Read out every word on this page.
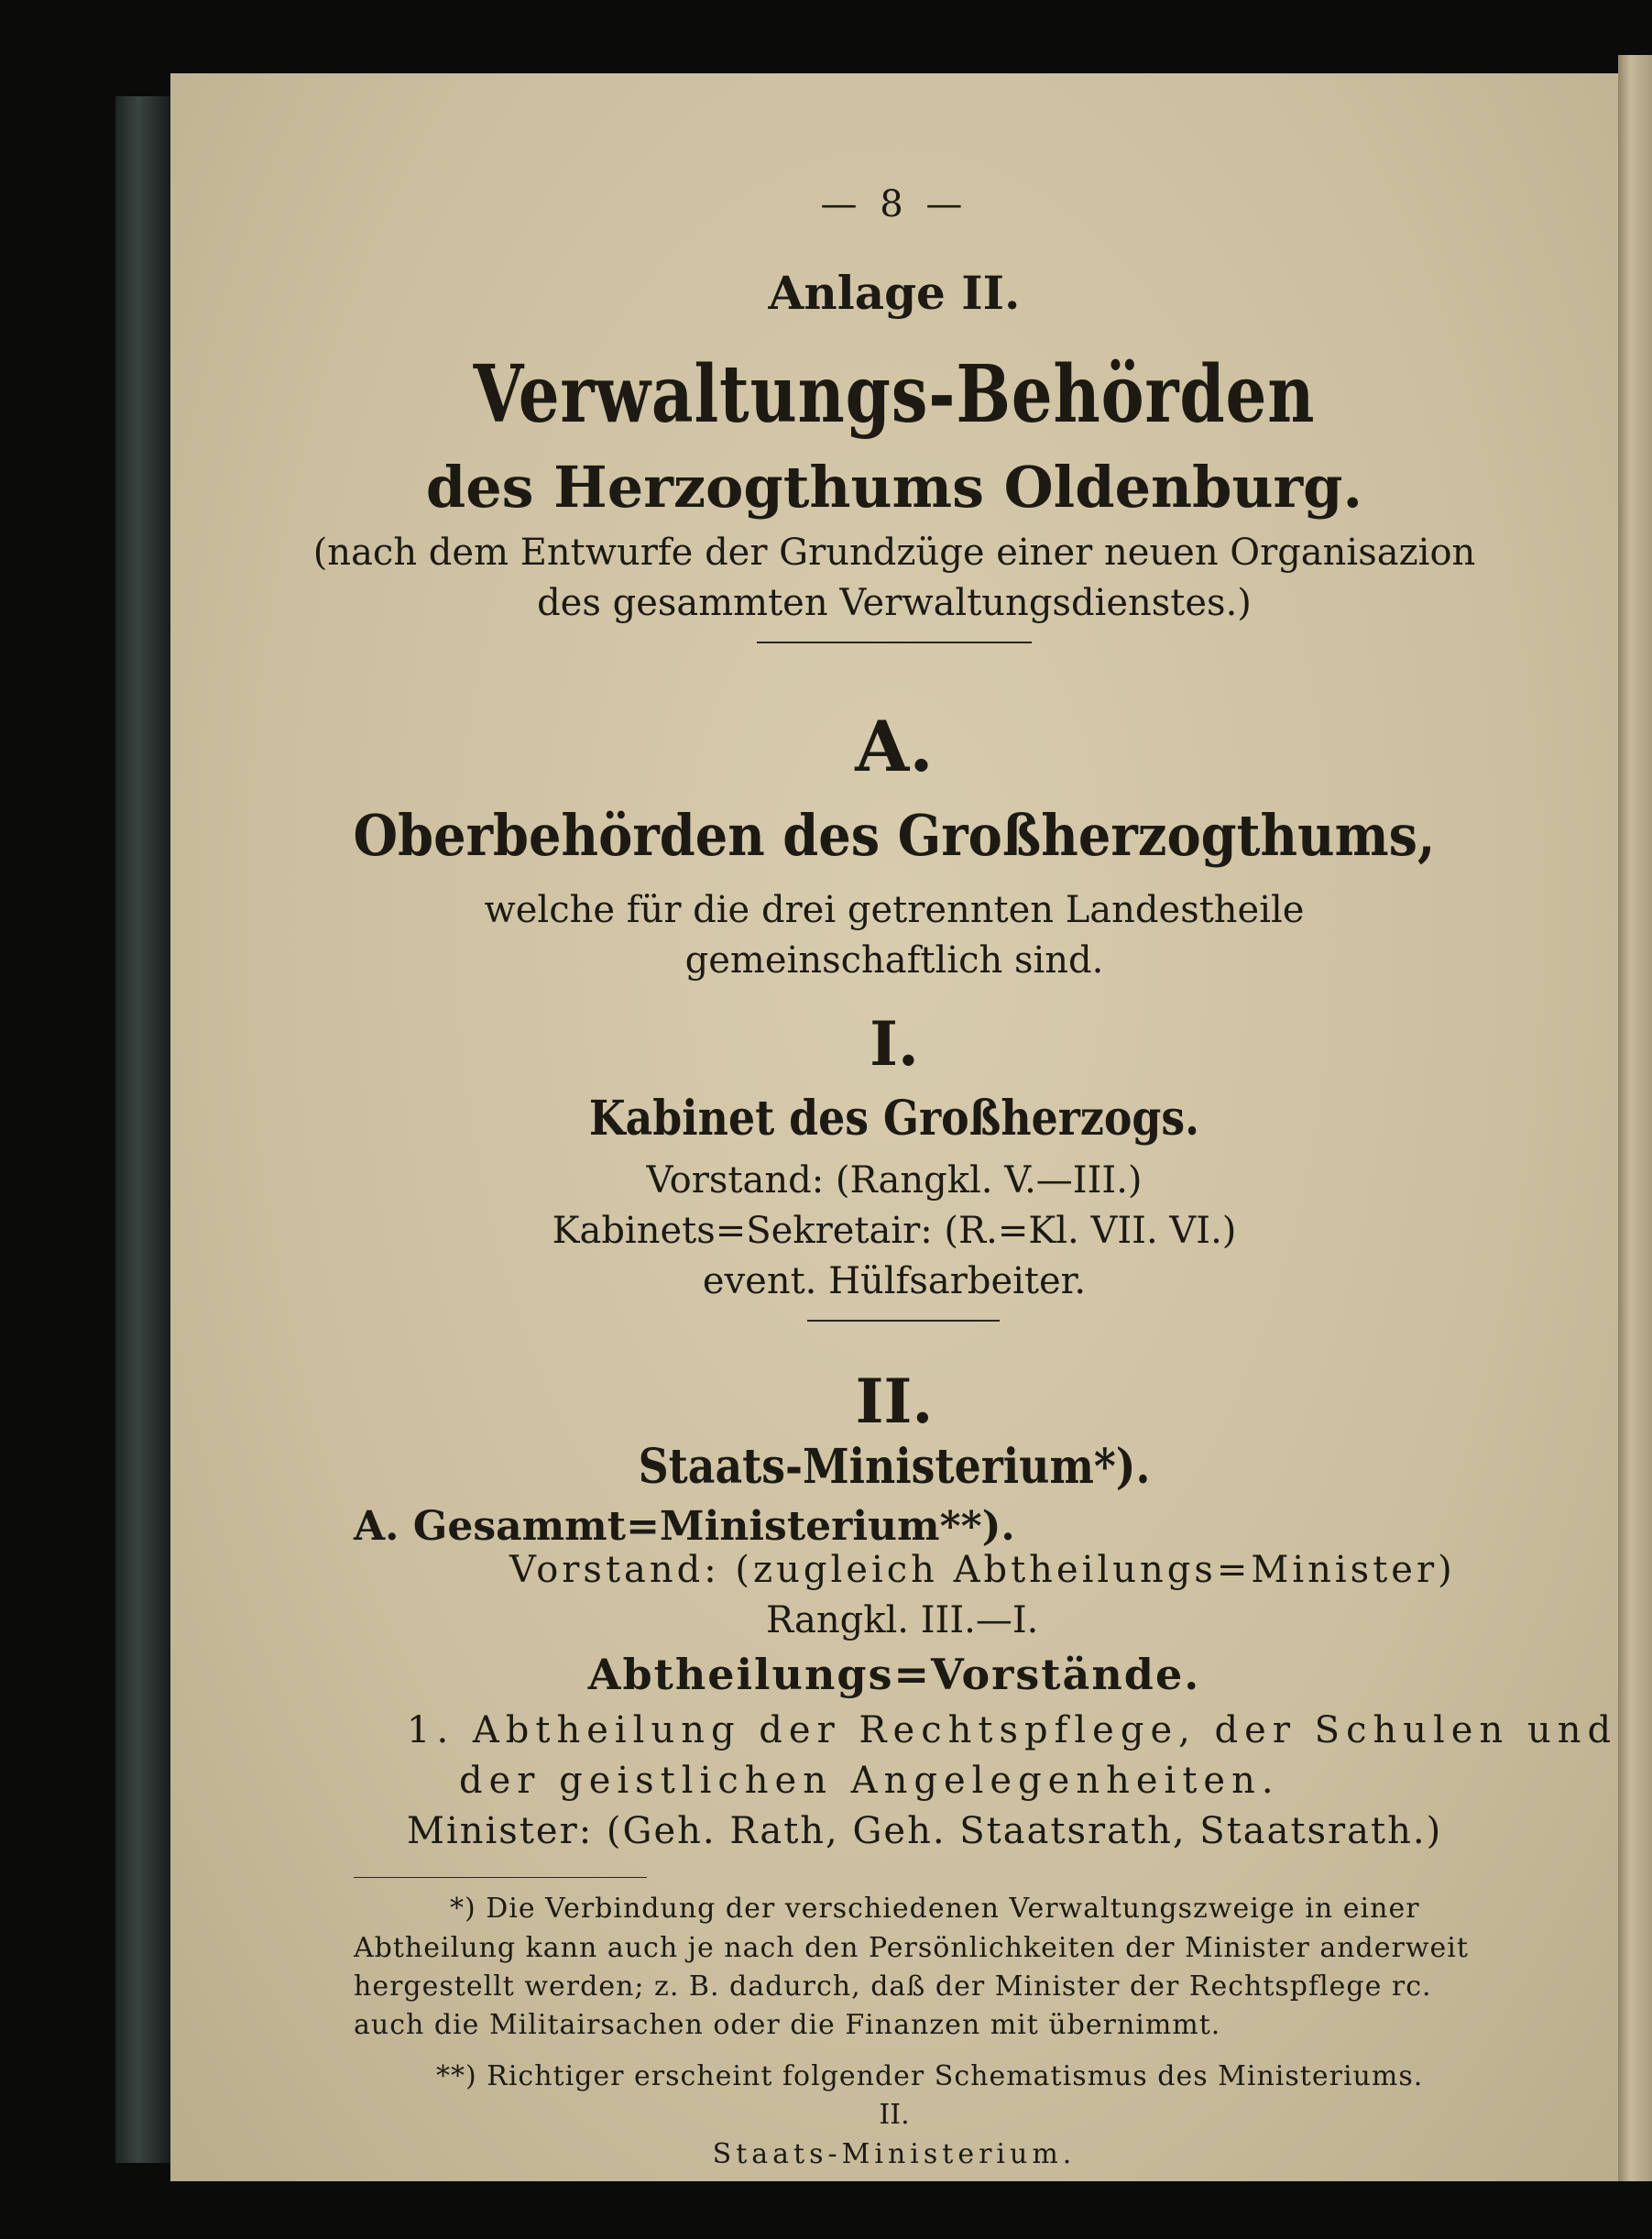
— 8 —
Anlage II.
Verwaltungs-Behörden
des Herzogthums Oldenburg.
(nach dem Entwurfe der Grundzüge einer neuen Organisazion
des gesammten Verwaltungsdienstes.)
A.
Oberbehörden des Großherzogthums,
welche für die drei getrennten Landestheile
gemeinschaftlich sind.
I.
Kabinet des Großherzogs.
Vorstand: (Rangkl. V.—III.)
Kabinets=Sekretair: (R.=Kl. VII. VI.)
event. Hülfsarbeiter.
II.
Staats-Ministerium*).
A. Gesammt=Ministerium**).
Vorstand: (zugleich Abtheilungs=Minister)
Rangkl. III.—I.
Abtheilungs=Vorstände.
1. Abtheilung der Rechtspflege, der Schulen und
der geistlichen Angelegenheiten.
Minister: (Geh. Rath, Geh. Staatsrath, Staatsrath.)
*) Die Verbindung der verschiedenen Verwaltungszweige in einer
Abtheilung kann auch je nach den Persönlichkeiten der Minister anderweit
hergestellt werden; z. B. dadurch, daß der Minister der Rechtspflege rc.
auch die Militairsachen oder die Finanzen mit übernimmt.
**) Richtiger erscheint folgender Schematismus des Ministeriums.
II.
Staats-Ministerium.
